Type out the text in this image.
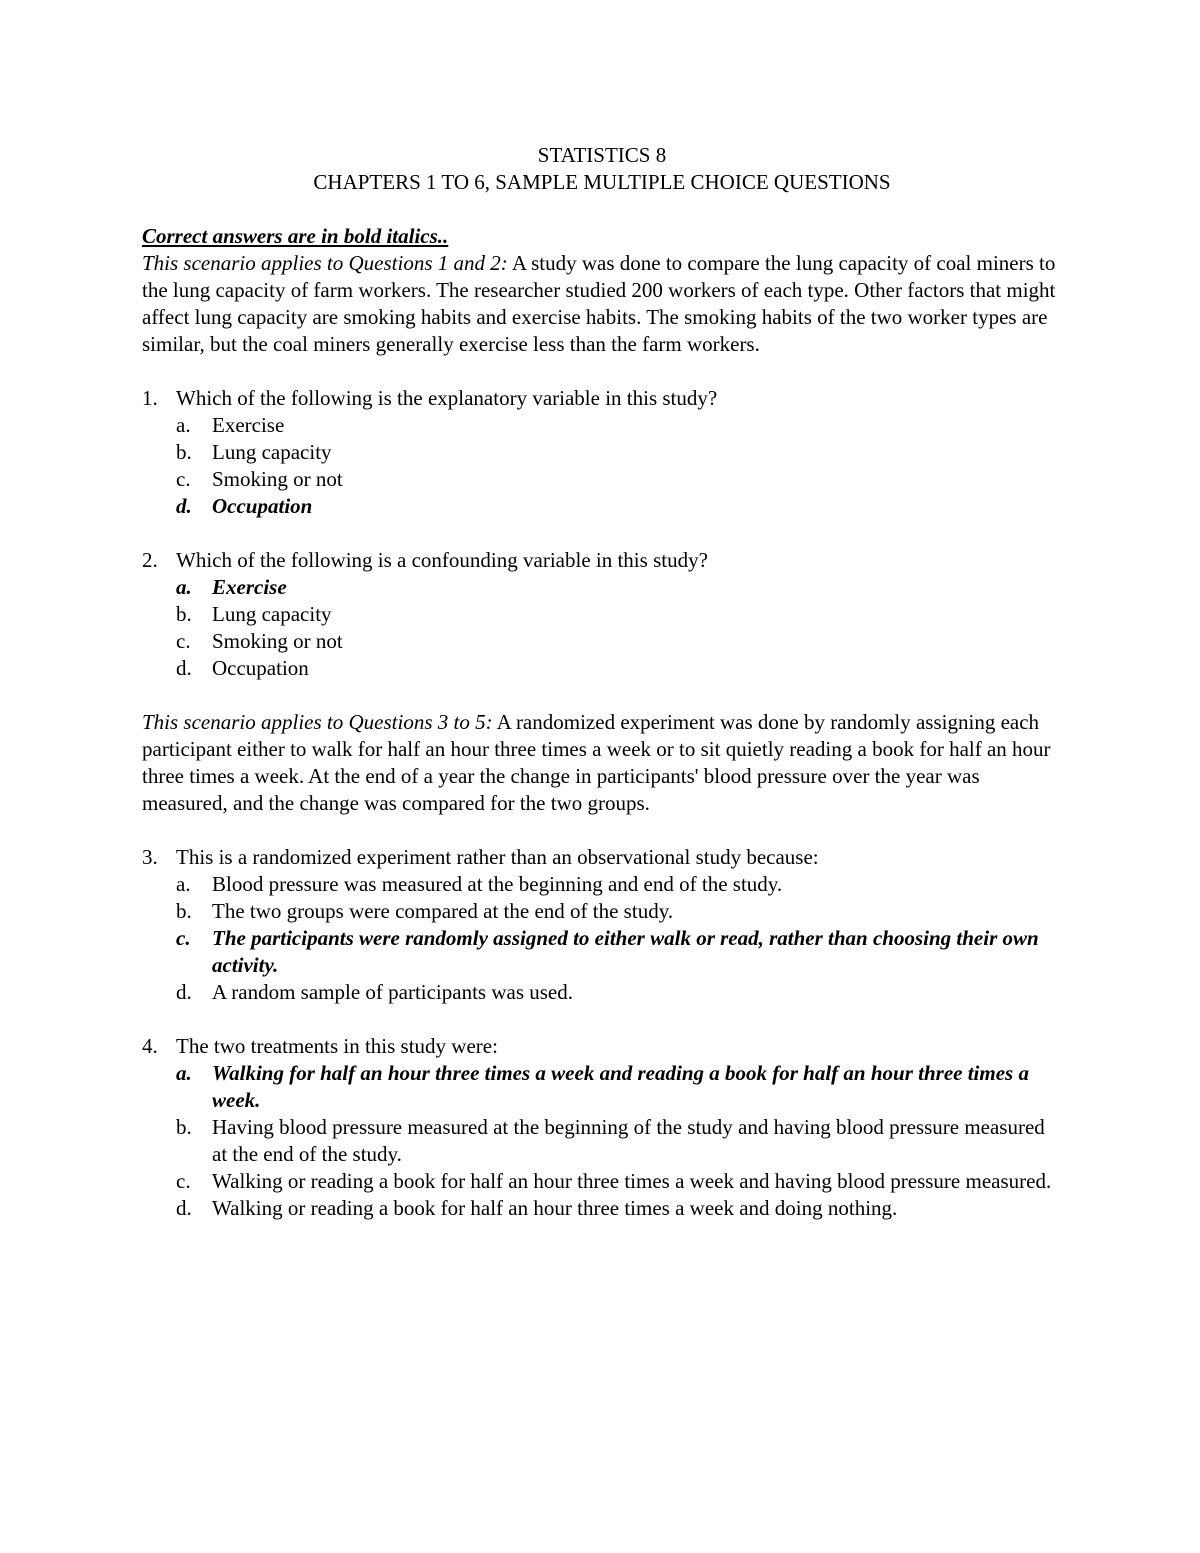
STATISTICS 8

CHAPTERS 1 TO 6, SAMPLE MULTIPLE CHOICE QUESTIONS

Correct answers are in bold italics..

This scenario applies to Questions 1 and 2: A study was done to compare the lung capacity of coal miners to the lung capacity of farm workers. The researcher studied 200 workers of each type. Other factors that might affect lung capacity are smoking habits and exercise habits. The smoking habits of the two worker types are similar, but the coal miners generally exercise less than the farm workers.

1. Which of the following is the explanatory variable in this study?
a.	Exercise
b. Lung capacity
c.	Smoking or not
d. Occupation
2. Which of the following is a confounding variable in this study?
a. Exercise
b. Lung capacity
c.	Smoking or not
d. Occupation

This scenario applies to Questions 3 to 5: A randomized experiment was done by randomly assigning each participant either to walk for half an hour three times a week or to sit quietly reading a book for half an hour three times a week. At the end of a year the change in participants' blood pressure over the year was measured, and the change was compared for the two groups.

3. This is a randomized experiment rather than an observational study because:
a.	Blood pressure was measured at the beginning and end of the study.
b. The two groups were compared at the end of the study.
c.	The participants were randomly assigned to either walk or read, rather than choosing their own activity.
d. A random sample of participants was used.
4. The two treatments in this study were:
a. Walking for half an hour three times a week and reading a book for half an hour three times a week.
b. Having blood pressure measured at the beginning of the study and having blood pressure measured at the end of the study.
c.	Walking or reading a book for half an hour three times a week and having blood pressure measured.
d. Walking or reading a book for half an hour three times a week and doing nothing.
